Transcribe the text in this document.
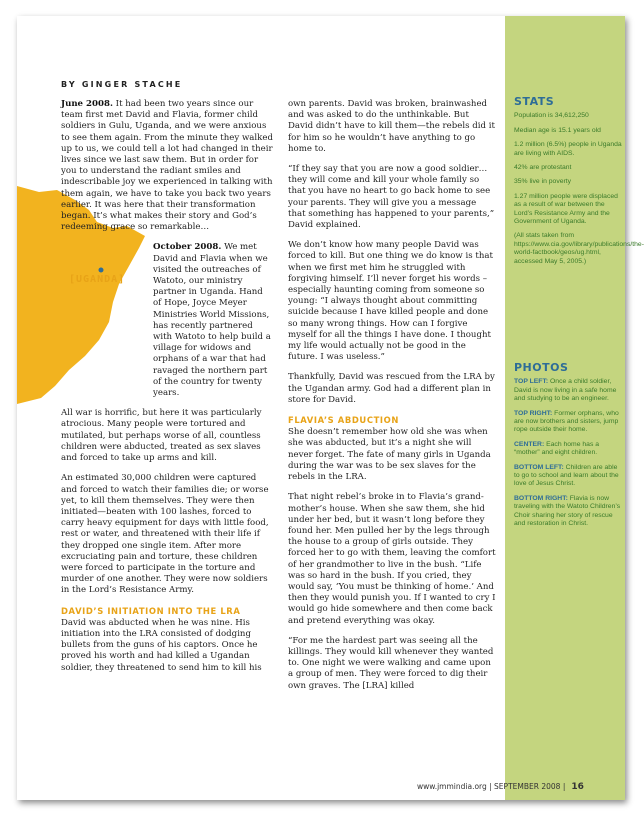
[UGANDA]
BY GINGER STACHE

June 2008. It had been two years since our team first met David and Flavia, former child soldiers in Gulu, Uganda, and we were anxious to see them again. From the minute they walked up to us, we could tell a lot had changed in their lives since we last saw them. But in order for you to understand the radiant smiles and indescribable joy we experienced in talking with them again, we have to take you back two years earlier. It was here that their transformation began. It’s what makes their story and God’s redeeming grace so remarkable…

October 2008. We met David and Flavia when we visited the outreaches of Watoto, our ministry partner in Uganda. Hand of Hope, Joyce Meyer Ministries World Missions, has recently partnered with Watoto to help build a village for widows and orphans of a war that had ravaged the northern part of the country for twenty years.

All war is horrific, but here it was particularly atrocious. Many people were tortured and mutilated, but perhaps worse of all, countless children were abducted, treated as sex slaves and forced to take up arms and kill.

An estimated 30,000 children were captured and forced to watch their families die; or worse yet, to kill them themselves. They were then initiated—beaten with 100 lashes, forced to carry heavy equipment for days with little food, rest or water, and threatened with their life if they dropped one single item. After more excruciating pain and torture, these children were forced to participate in the torture and murder of one another. They were now soldiers in the Lord’s Resistance Army.

DAVID’S INITIATION INTO THE LRA

David was abducted when he was nine. His initiation into the LRA consisted of dodging bullets from the guns of his captors. Once he proved his worth and had killed a Ugandan soldier, they threatened to send him to kill his

own parents. David was broken, brainwashed and was asked to do the unthinkable. But David didn’t have to kill them—the rebels did it for him so he wouldn’t have anything to go home to.

“If they say that you are now a good soldier… they will come and kill your whole family so that you have no heart to go back home to see your parents. They will give you a message that something has happened to your parents,” David explained.

We don’t know how many people David was forced to kill. But one thing we do know is that when we first met him he struggled with forgiving himself. I’ll never forget his words – especially haunting coming from someone so young: “I always thought about committing suicide because I have killed people and done so many wrong things. How can I forgive myself for all the things I have done. I thought my life would actually not be good in the future. I was useless.”

Thankfully, David was rescued from the LRA by the Ugandan army. God had a different plan in store for David.

FLAVIA’S ABDUCTION

She doesn’t remember how old she was when she was abducted, but it’s a night she will never forget. The fate of many girls in Uganda during the war was to be sex slaves for the rebels in the LRA.

That night rebel’s broke in to Flavia’s grand-mother’s house. When she saw them, she hid under her bed, but it wasn’t long before they found her. Men pulled her by the legs through the house to a group of girls outside. They forced her to go with them, leaving the comfort of her grandmother to live in the bush. “Life was so hard in the bush. If you cried, they would say, ‘You must be thinking of home.’ And then they would punish you. If I wanted to cry I would go hide somewhere and then come back and pretend everything was okay.

“For me the hardest part was seeing all the killings. They would kill whenever they wanted to. One night we were walking and came upon a group of men. They were forced to dig their own graves. The [LRA] killed

STATS
Population is 34,612,250
Median age is 15.1 years old
1.2 million (6.5%) people in Uganda are living with AIDS.
42% are protestant
35% live in poverty
1.27 million people were displaced as a result of war between the Lord’s Resistance Army and the Government of Uganda.
(All stats taken from https://www.cia.gov/library/publications/the-world-factbook/geos/ug.html, accessed May 5, 2005.)
PHOTOS
TOP LEFT: Once a child soldier, David is now living in a safe home and studying to be an engineer.
TOP RIGHT: Former orphans, who are now brothers and sisters, jump rope outside their home.
CENTER: Each home has a “mother” and eight children.
BOTTOM LEFT: Children are able to go to school and learn about the love of Jesus Christ.
BOTTOM RIGHT: Flavia is now traveling with the Watoto Children’s Choir sharing her story of rescue and restoration in Christ.
www.jmmindia.org | SEPTEMBER 2008 | 16
